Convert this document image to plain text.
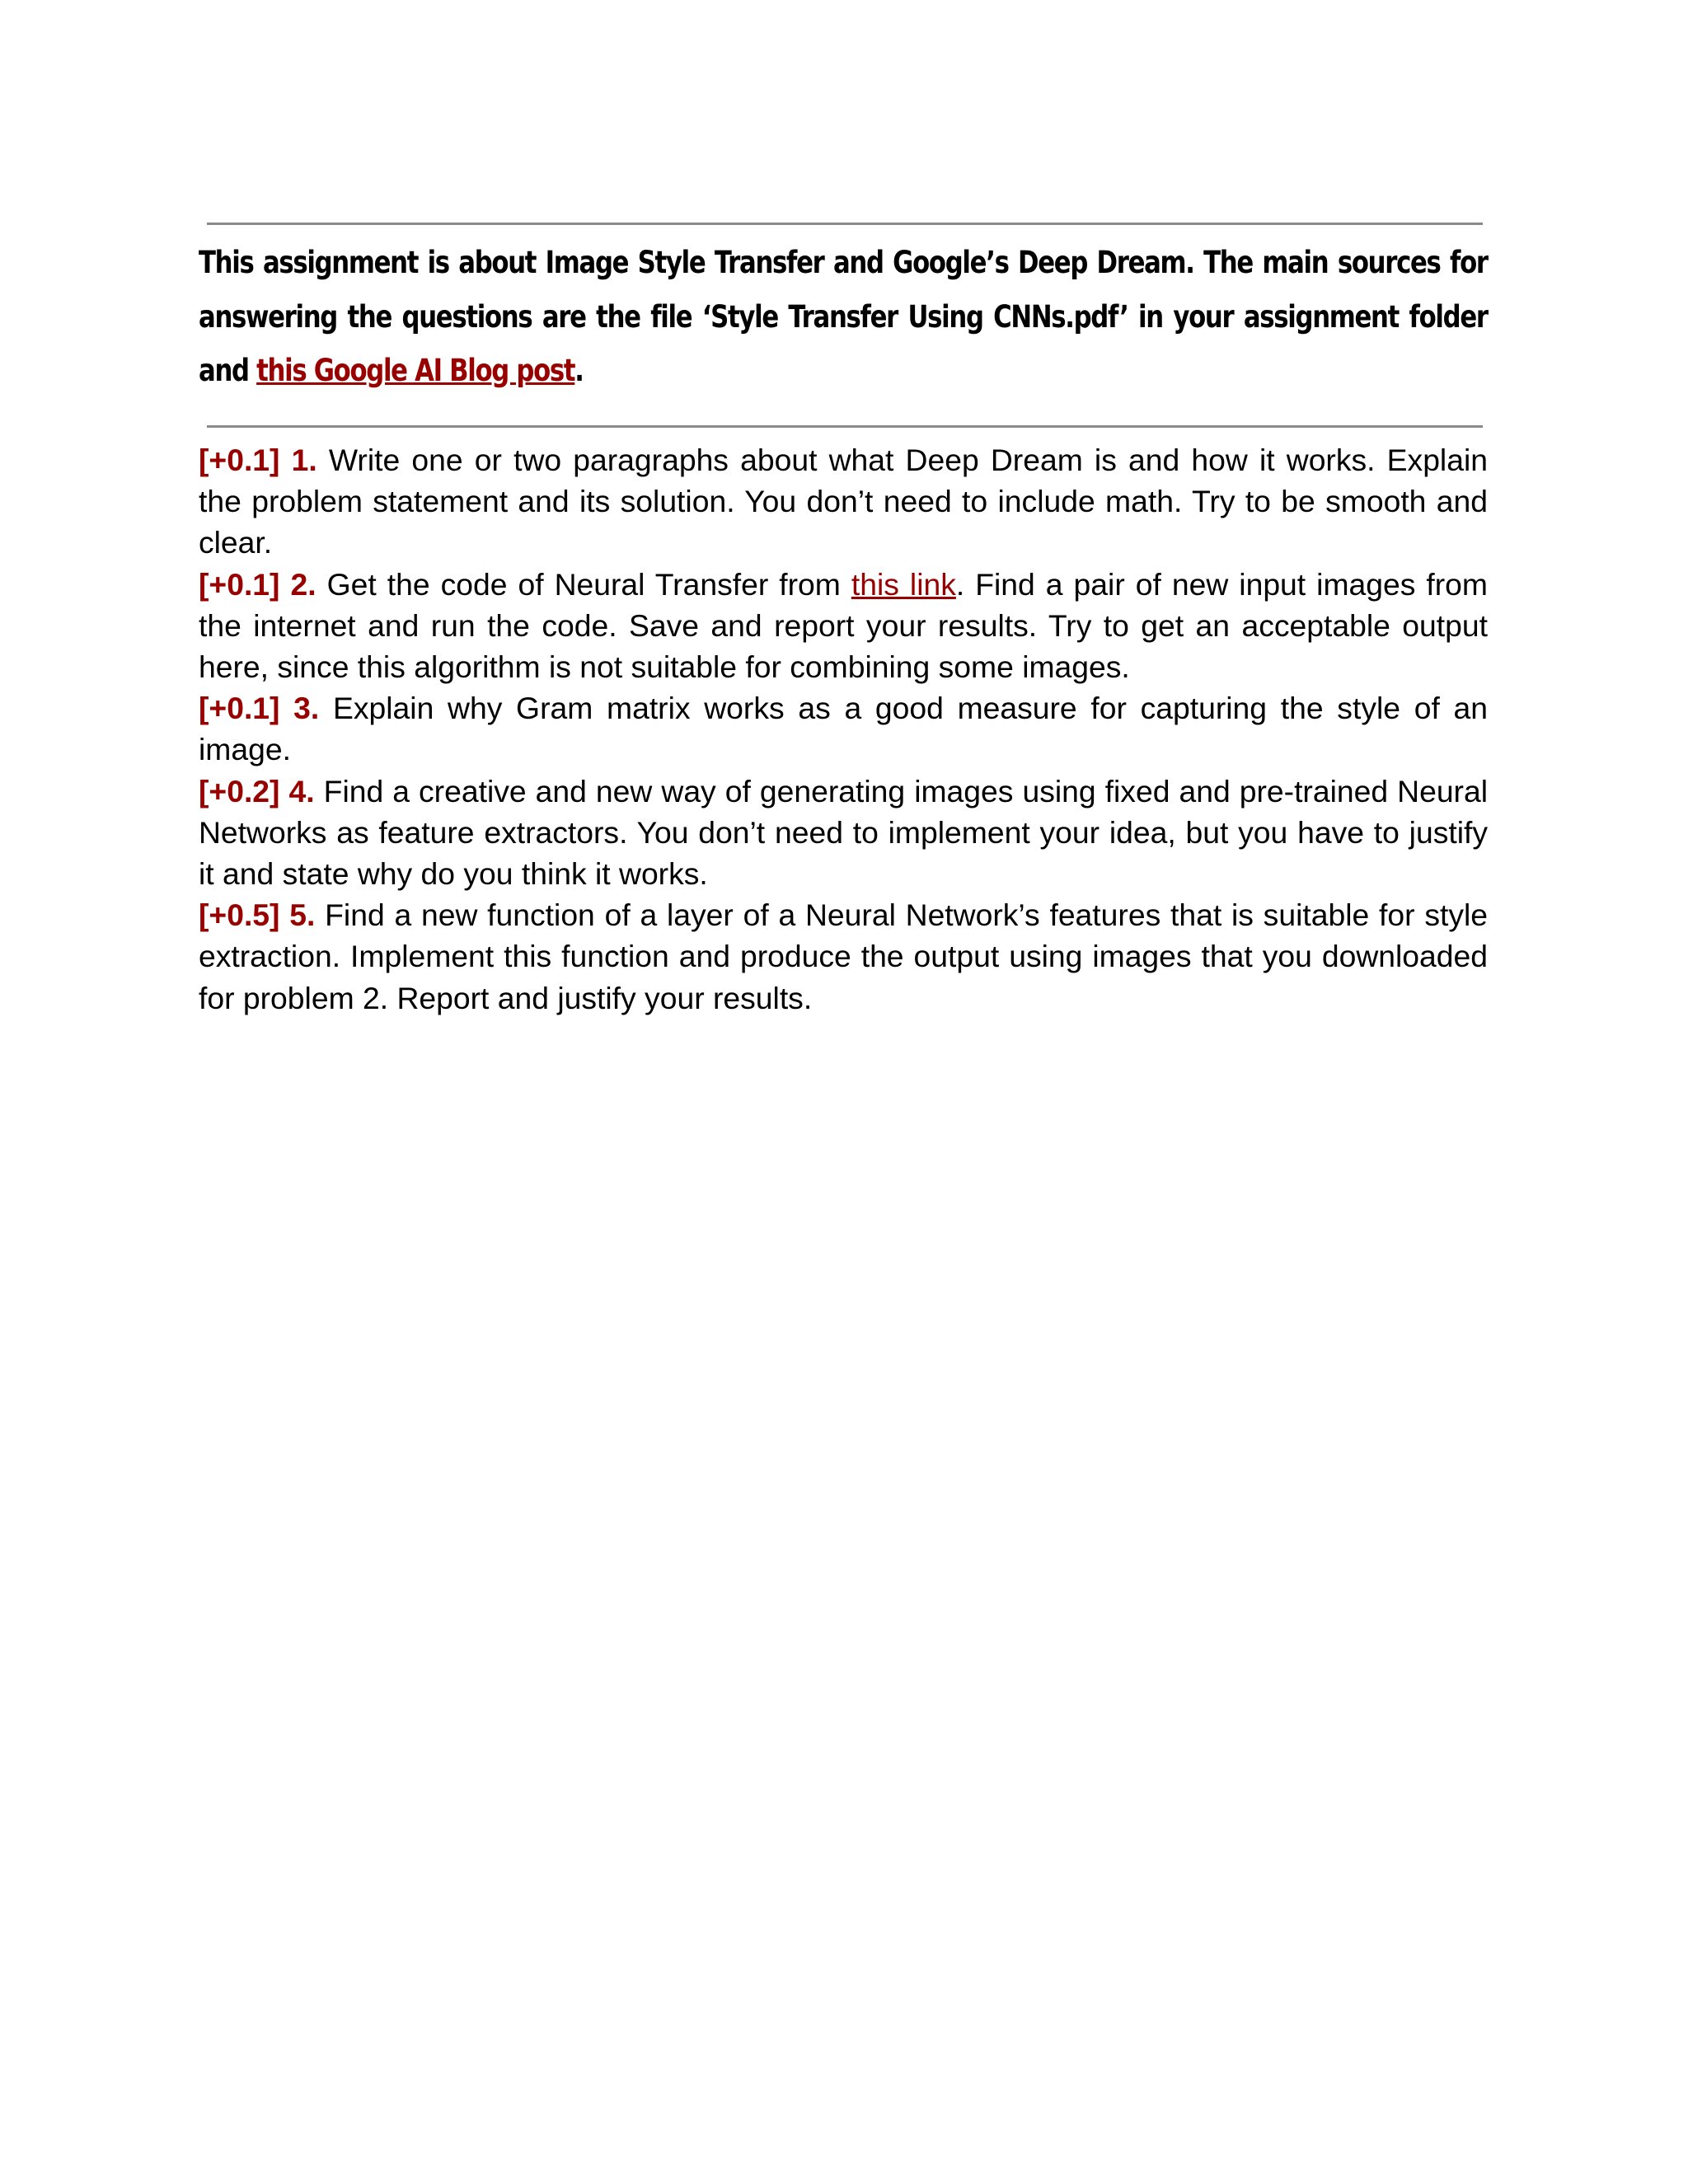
This assignment is about Image Style Transfer and Google’s Deep Dream. The main sources for answering the questions are the file ‘Style Transfer Using CNNs.pdf’ in your assignment folder and this Google AI Blog post.

[+0.1] 1. Write one or two paragraphs about what Deep Dream is and how it works. Explain the problem statement and its solution. You don’t need to include math. Try to be smooth and clear.

[+0.1] 2. Get the code of Neural Transfer from this link. Find a pair of new input images from the internet and run the code. Save and report your results. Try to get an acceptable output here, since this algorithm is not suitable for combining some images.

[+0.1] 3. Explain why Gram matrix works as a good measure for capturing the style of an image.

[+0.2] 4. Find a creative and new way of generating images using fixed and pre-trained Neural Networks as feature extractors. You don’t need to implement your idea, but you have to justify it and state why do you think it works.

[+0.5] 5. Find a new function of a layer of a Neural Network’s features that is suitable for style extraction. Implement this function and produce the output using images that you downloaded for problem 2. Report and justify your results.
